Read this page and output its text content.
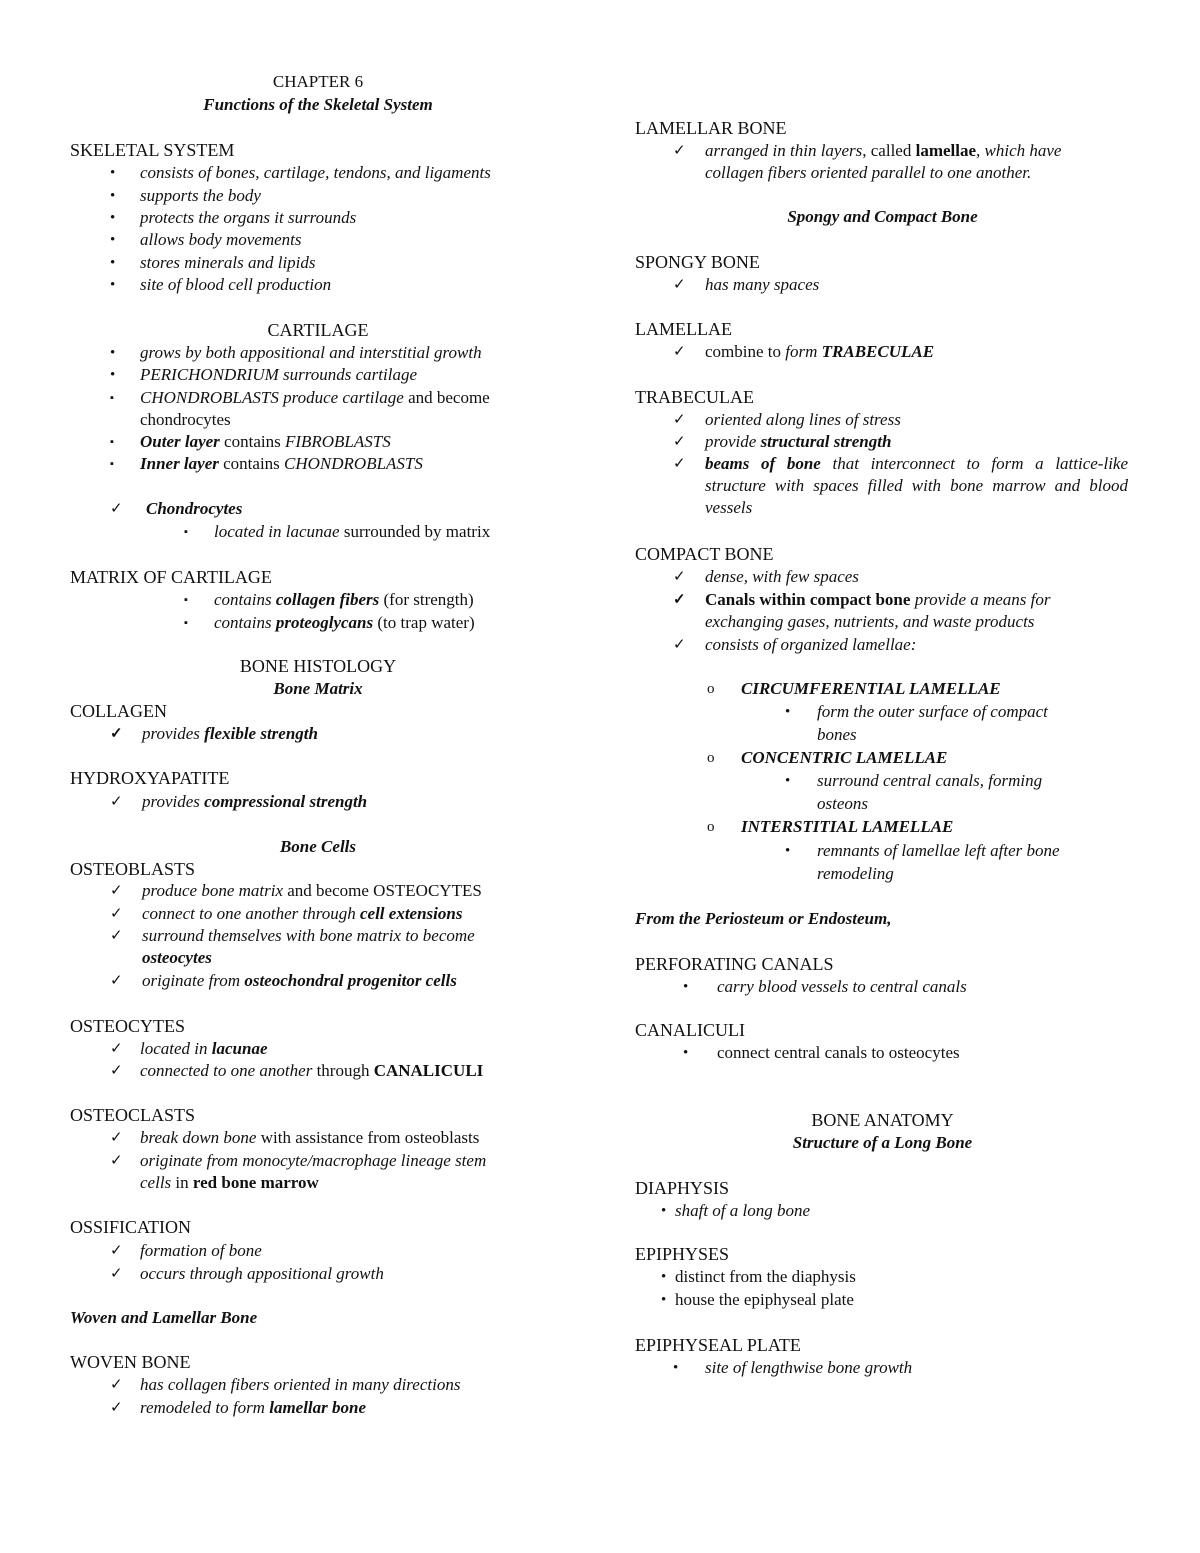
CHAPTER 6
Functions of the Skeletal System
SKELETAL SYSTEM
• consists of bones, cartilage, tendons, and ligaments
• supports the body
• protects the organs it surrounds
• allows body movements
• stores minerals and lipids
• site of blood cell production
CARTILAGE
• grows by both appositional and interstitial growth
• PERICHONDRIUM surrounds cartilage
▪ CHONDROBLASTS produce cartilage and become
chondrocytes
▪ Outer layer contains FIBROBLASTS
▪ Inner layer contains CHONDROBLASTS
✓ Chondrocytes
▪ located in lacunae surrounded by matrix
MATRIX OF CARTILAGE
▪ contains collagen fibers (for strength)
▪ contains proteoglycans (to trap water)
BONE HISTOLOGY
Bone Matrix
COLLAGEN
✓ provides flexible strength
HYDROXYAPATITE
✓ provides compressional strength
Bone Cells
OSTEOBLASTS
✓ produce bone matrix and become OSTEOCYTES
✓ connect to one another through cell extensions
✓ surround themselves with bone matrix to become
osteocytes
✓ originate from osteochondral progenitor cells
OSTEOCYTES
✓ located in lacunae
✓ connected to one another through CANALICULI
OSTEOCLASTS
✓ break down bone with assistance from osteoblasts
✓ originate from monocyte/macrophage lineage stem
cells in red bone marrow
OSSIFICATION
✓ formation of bone
✓ occurs through appositional growth
Woven and Lamellar Bone
WOVEN BONE
✓ has collagen fibers oriented in many directions
✓ remodeled to form lamellar bone
LAMELLAR BONE
✓ arranged in thin layers, called lamellae, which have
collagen fibers oriented parallel to one another.
Spongy and Compact Bone
SPONGY BONE
✓ has many spaces
LAMELLAE
✓ combine to form TRABECULAE
TRABECULAE
✓ oriented along lines of stress
✓ provide structural strength
✓ beams of bone that interconnect to form a lattice-like structure with spaces filled with bone marrow and blood vessels
COMPACT BONE
✓ dense, with few spaces
✓ Canals within compact bone provide a means for
exchanging gases, nutrients, and waste products
✓ consists of organized lamellae:
o CIRCUMFERENTIAL LAMELLAE
• form the outer surface of compact
bones
o CONCENTRIC LAMELLAE
• surround central canals, forming
osteons
o INTERSTITIAL LAMELLAE
• remnants of lamellae left after bone
remodeling
From the Periosteum or Endosteum,
PERFORATING CANALS
• carry blood vessels to central canals
CANALICULI
• connect central canals to osteocytes
BONE ANATOMY
Structure of a Long Bone
DIAPHYSIS
• shaft of a long bone
EPIPHYSES
• distinct from the diaphysis
• house the epiphyseal plate
EPIPHYSEAL PLATE
• site of lengthwise bone growth
